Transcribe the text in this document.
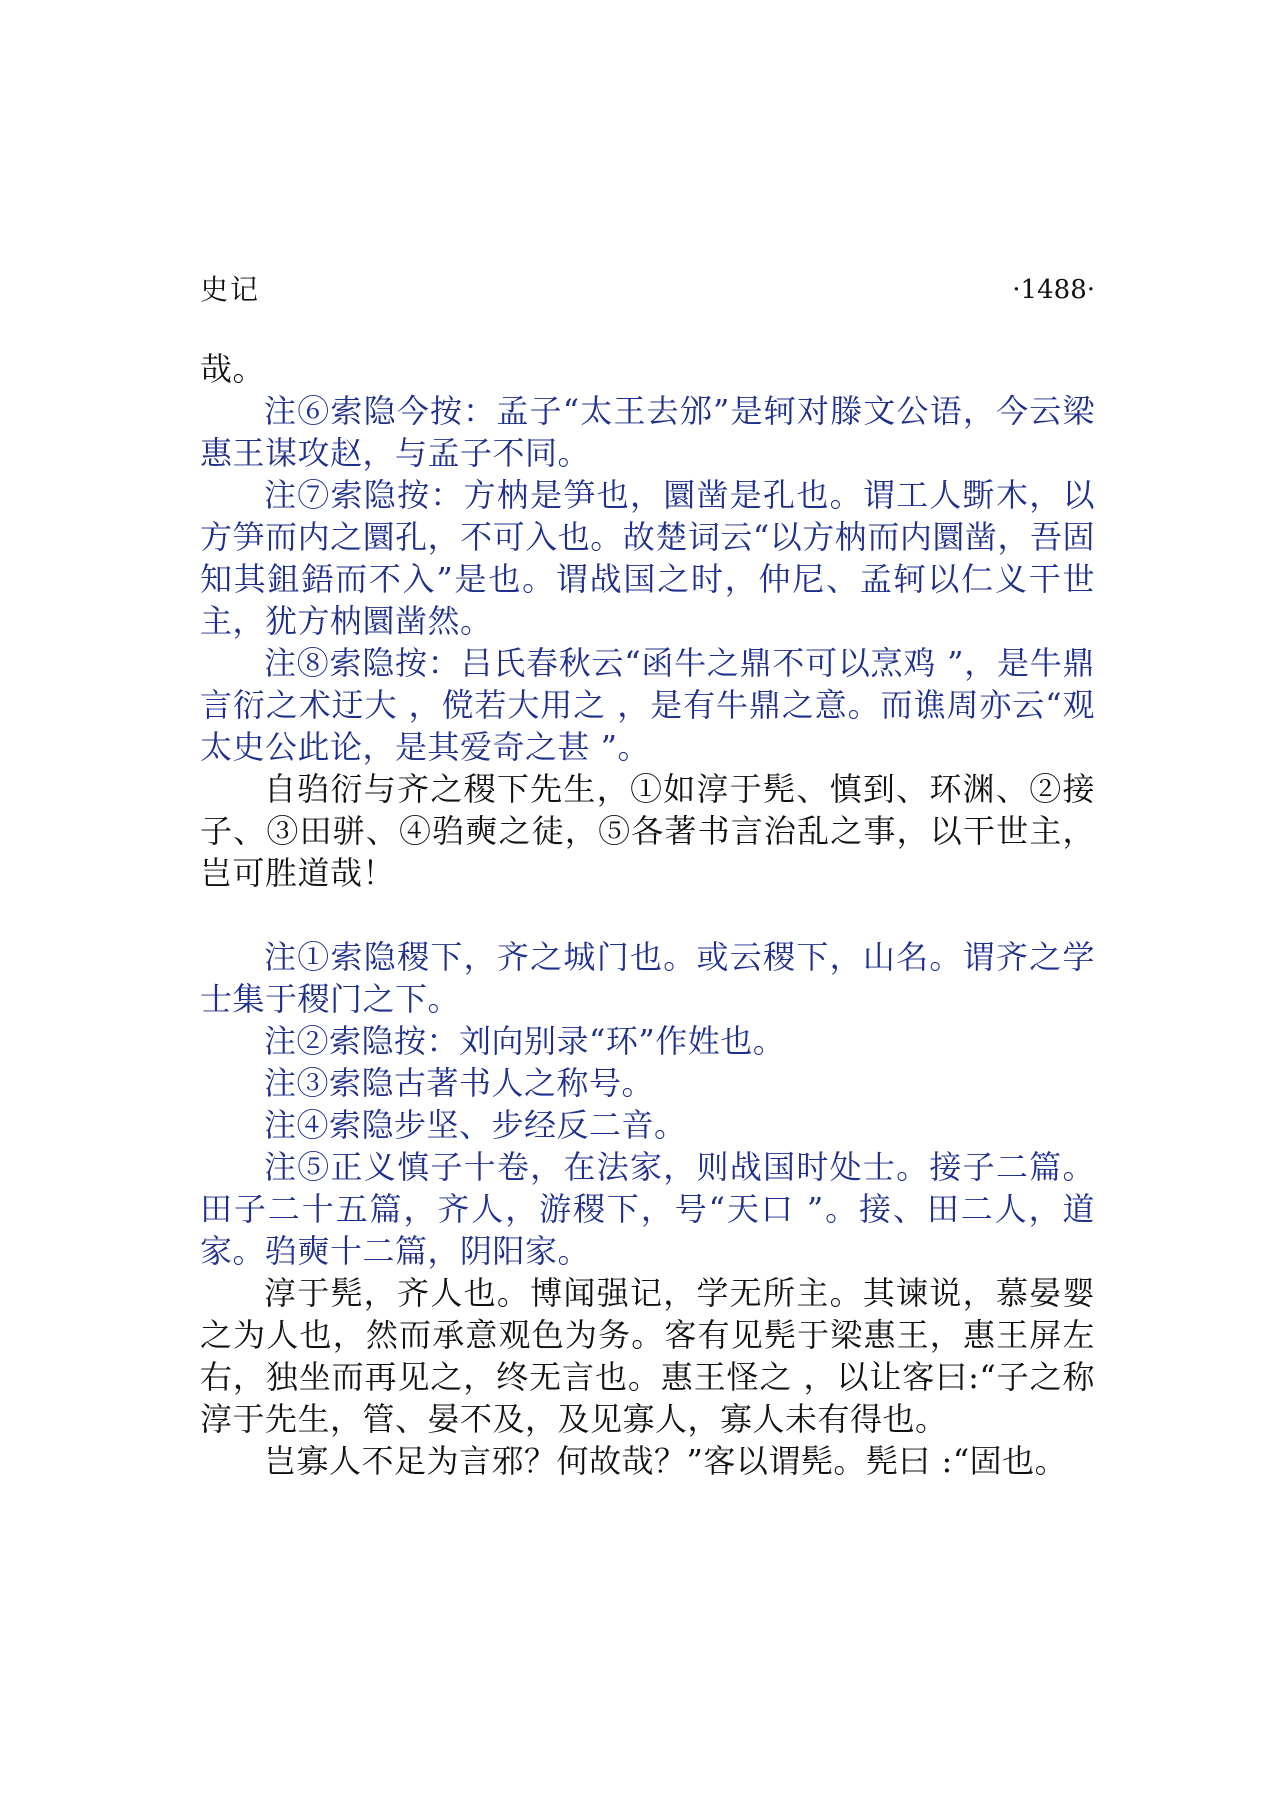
史记	·1488·

哉。

注⑥索隐今按：孟子“太王去邠”是轲对滕文公语，今云梁惠王谋攻赵，与孟子不同。

注⑦索隐按：方枘是笋也，圜凿是孔也。谓工人斲木，以方笋而内之圜孔，不可入也。故楚词云“以方枘而内圜凿，吾固知其鉏鋙而不入”是也。谓战国之时，仲尼、孟轲以仁义干世主，犹方枘圜凿然。

注⑧索隐按：吕氏春秋云“函牛之鼎不可以烹鸡 ”，是牛鼎言衍之术迂大 ，傥若大用之 ，是有牛鼎之意。而谯周亦云“观太史公此论，是其爱奇之甚 ”。

自驺衍与齐之稷下先生，①如淳于髡、慎到、环渊、②接子、③田骈、④驺奭之徒，⑤各著书言治乱之事，以干世主，岂可胜道哉！

注①索隐稷下，齐之城门也。或云稷下，山名。谓齐之学士集于稷门之下。

注②索隐按：刘向别录“环”作姓也。

注③索隐古著书人之称号。

注④索隐步坚、步经反二音。

注⑤正义慎子十卷，在法家，则战国时处士。接子二篇。田子二十五篇，齐人，游稷下，号“天口 ”。接、田二人，道家。驺奭十二篇，阴阳家。

淳于髡，齐人也。博闻强记，学无所主。其谏说，慕晏婴之为人也，然而承意观色为务。客有见髡于梁惠王，惠王屏左右，独坐而再见之，终无言也。惠王怪之 ，以让客曰:“子之称淳于先生，管、晏不及，及见寡人，寡人未有得也。

岂寡人不足为言邪？何故哉？”客以谓髡。髡曰 :“固也。
